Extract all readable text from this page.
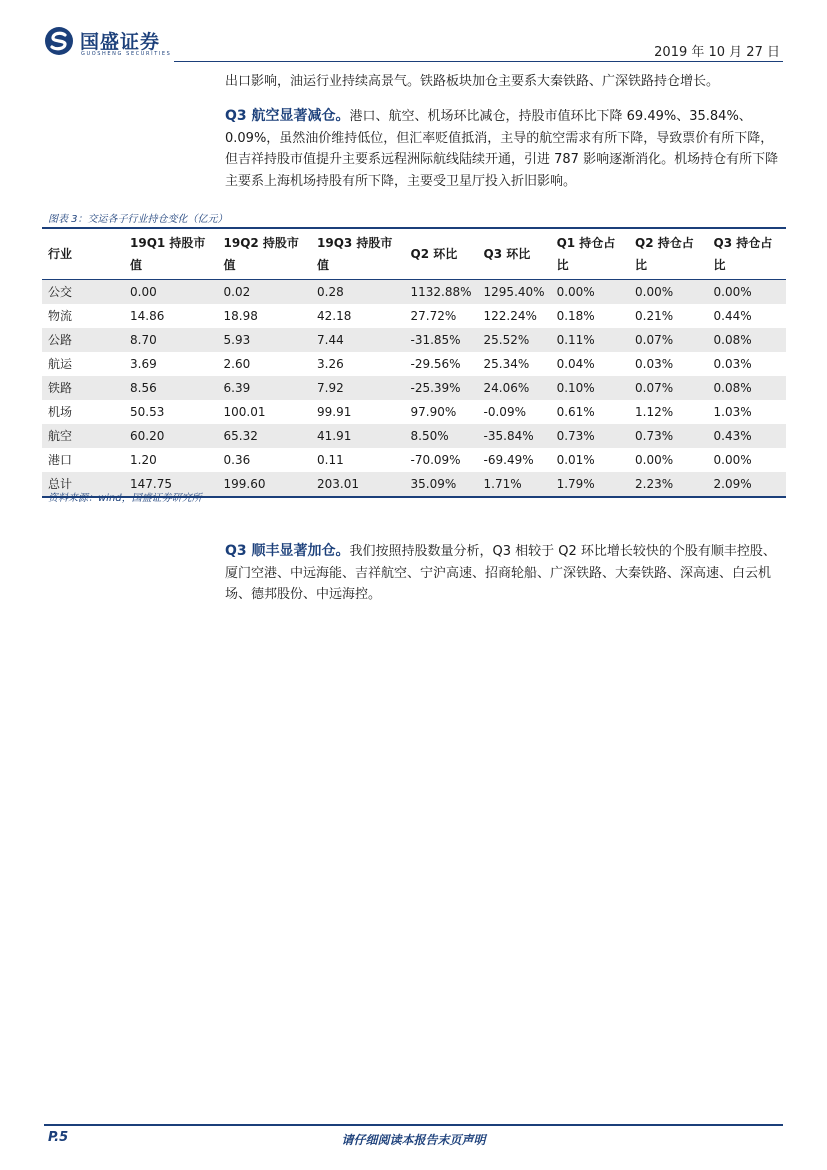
国盛证券
GUOSHENG SECURITIES	2019 年 10 月 27 日
出口影响，油运行业持续高景气。铁路板块加仓主要系大秦铁路、广深铁路持仓增长。
Q3 航空显著减仓。港口、航空、机场环比减仓，持股市值环比下降 69.49%、35.84%、0.09%，虽然油价维持低位，但汇率贬值抵消，主导的航空需求有所下降，导致票价有所下降，但吉祥持股市值提升主要系远程洲际航线陆续开通，引进 787 影响逐渐消化。机场持仓有所下降主要系上海机场持股有所下降，主要受卫星厅投入折旧影响。
图表 3：交运各子行业持仓变化（亿元）
行业	19Q1 持股市值	19Q2 持股市值	19Q3 持股市值	Q2 环比	Q3 环比	Q1 持仓占比	Q2 持仓占比	Q3 持仓占比
公交	0.00	0.02	0.28	1132.88%	1295.40%	0.00%	0.00%	0.00%
物流	14.86	18.98	42.18	27.72%	122.24%	0.18%	0.21%	0.44%
公路	8.70	5.93	7.44	-31.85%	25.52%	0.11%	0.07%	0.08%
航运	3.69	2.60	3.26	-29.56%	25.34%	0.04%	0.03%	0.03%
铁路	8.56	6.39	7.92	-25.39%	24.06%	0.10%	0.07%	0.08%
机场	50.53	100.01	99.91	97.90%	-0.09%	0.61%	1.12%	1.03%
航空	60.20	65.32	41.91	8.50%	-35.84%	0.73%	0.73%	0.43%
港口	1.20	0.36	0.11	-70.09%	-69.49%	0.01%	0.00%	0.00%
总计	147.75	199.60	203.01	35.09%	1.71%	1.79%	2.23%	2.09%
资料来源：wind，国盛证券研究所
Q3 顺丰显著加仓。我们按照持股数量分析，Q3 相较于 Q2 环比增长较快的个股有顺丰控股、厦门空港、中远海能、吉祥航空、宁沪高速、招商轮船、广深铁路、大秦铁路、深高速、白云机场、德邦股份、中远海控。
P.5	请仔细阅读本报告末页声明
